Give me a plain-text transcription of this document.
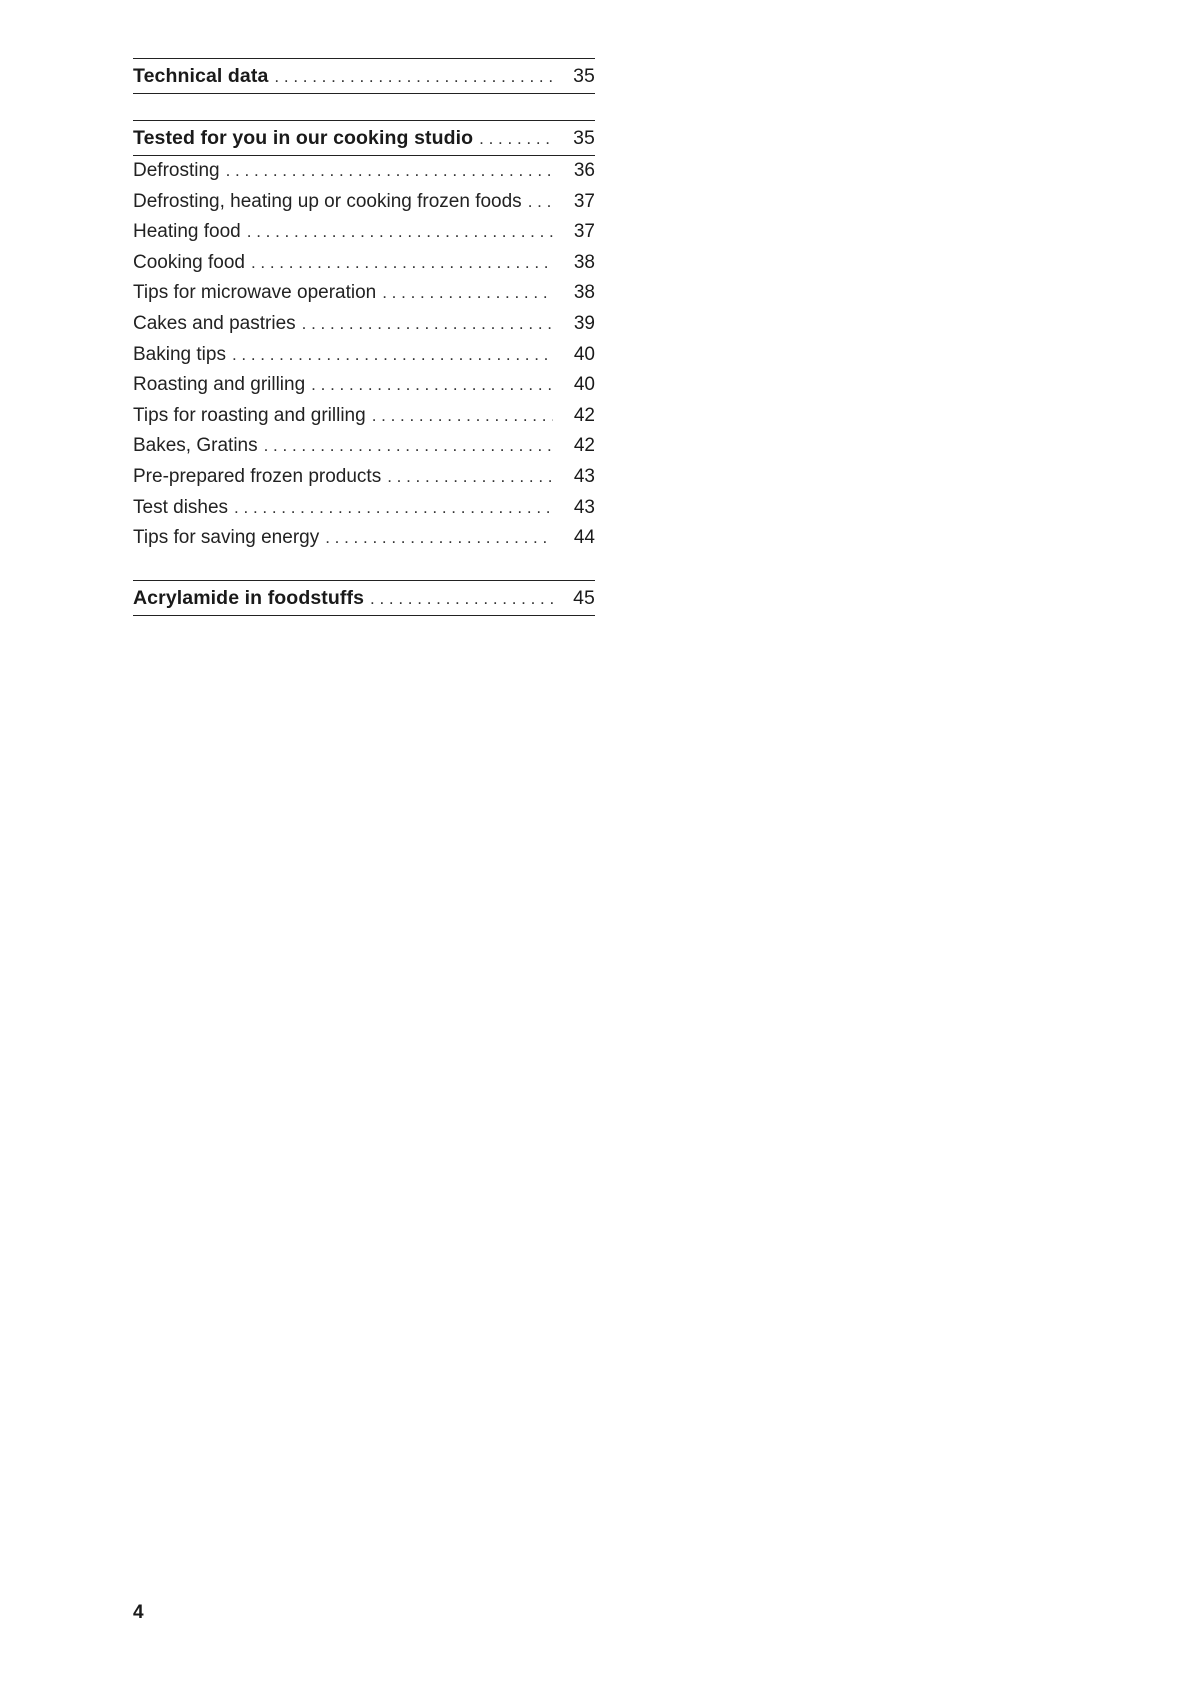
Technical data . . .	35
Tested for you in our cooking studio . . .	35
Defrosting . . .	36
Defrosting, heating up or cooking frozen foods . . .	37
Heating food . . .	37
Cooking food . . .	38
Tips for microwave operation . . .	38
Cakes and pastries . . .	39
Baking tips . . .	40
Roasting and grilling . . .	40
Tips for roasting and grilling . . .	42
Bakes, Gratins . . .	42
Pre-prepared frozen products . . .	43
Test dishes . . .	43
Tips for saving energy . . .	44
Acrylamide in foodstuffs . . .	45
4
